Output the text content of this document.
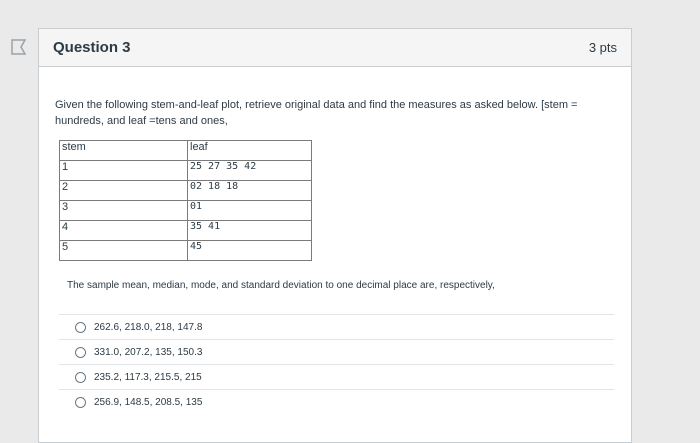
Question 3	3 pts
Given the following stem-and-leaf plot, retrieve original data and find the measures as asked below. [stem = hundreds, and leaf =tens and ones,
stem	leaf
1	25 27 35 42
2	02 18 18
3	01
4	35 41
5	45
The sample mean, median, mode, and standard deviation to one decimal place are, respectively,
262.6, 218.0, 218, 147.8
331.0, 207.2, 135, 150.3
235.2, 117.3, 215.5, 215
256.9, 148.5, 208.5, 135
